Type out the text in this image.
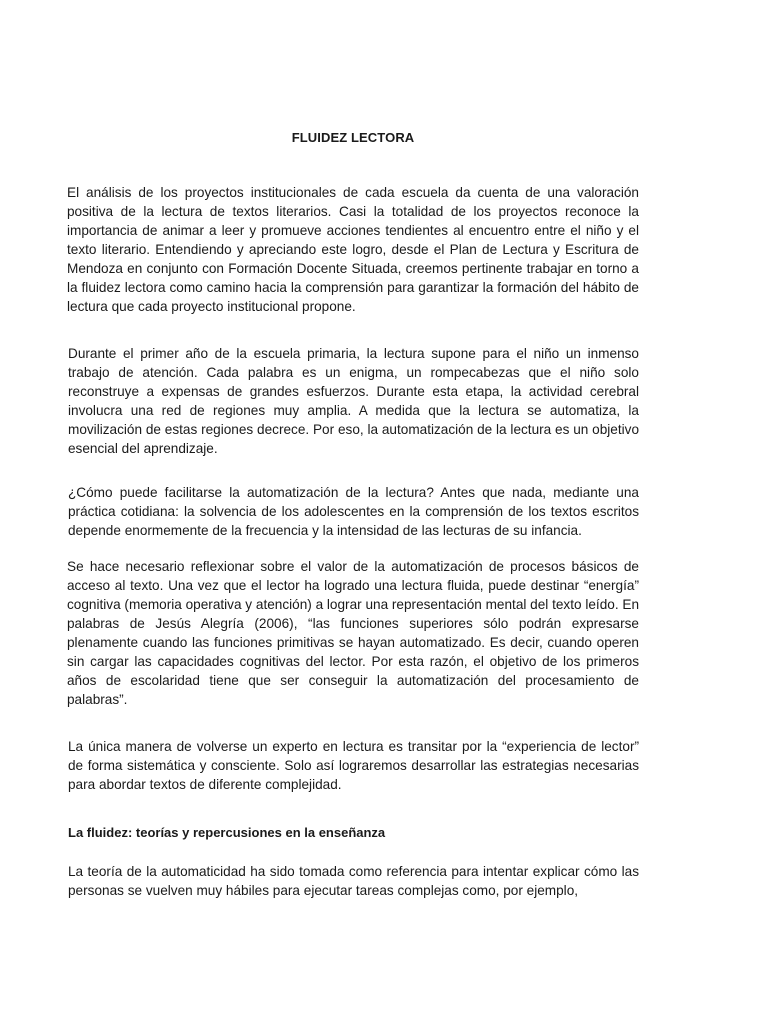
FLUIDEZ LECTORA

El análisis de los proyectos institucionales de cada escuela da cuenta de una valoración positiva de la lectura de textos literarios. Casi la totalidad de los proyectos reconoce la importancia de animar a leer y promueve acciones tendientes al encuentro entre el niño y el texto literario. Entendiendo y apreciando este logro, desde el Plan de Lectura y Escritura de Mendoza en conjunto con Formación Docente Situada, creemos pertinente trabajar en torno a la fluidez lectora como camino hacia la comprensión para garantizar la formación del hábito de lectura que cada proyecto institucional propone.

Durante el primer año de la escuela primaria, la lectura supone para el niño un inmenso trabajo de atención. Cada palabra es un enigma, un rompecabezas que el niño solo reconstruye a expensas de grandes esfuerzos. Durante esta etapa, la actividad cerebral involucra una red de regiones muy amplia. A medida que la lectura se automatiza, la movilización de estas regiones decrece. Por eso, la automatización de la lectura es un objetivo esencial del aprendizaje.

¿Cómo puede facilitarse la automatización de la lectura? Antes que nada, mediante una práctica cotidiana: la solvencia de los adolescentes en la comprensión de los textos escritos depende enormemente de la frecuencia y la intensidad de las lecturas de su infancia.

Se hace necesario reflexionar sobre el valor de la automatización de procesos básicos de acceso al texto. Una vez que el lector ha logrado una lectura fluida, puede destinar “energía” cognitiva (memoria operativa y atención) a lograr una representación mental del texto leído. En palabras de Jesús Alegría (2006), “las funciones superiores sólo podrán expresarse plenamente cuando las funciones primitivas se hayan automatizado. Es decir, cuando operen sin cargar las capacidades cognitivas del lector. Por esta razón, el objetivo de los primeros años de escolaridad tiene que ser conseguir la automatización del procesamiento de palabras”.

La única manera de volverse un experto en lectura es transitar por la “experiencia de lector” de forma sistemática y consciente. Solo así lograremos desarrollar las estrategias necesarias para abordar textos de diferente complejidad.

La fluidez: teorías y repercusiones en la enseñanza

La teoría de la automaticidad ha sido tomada como referencia para intentar explicar cómo las personas se vuelven muy hábiles para ejecutar tareas complejas como, por ejemplo,
